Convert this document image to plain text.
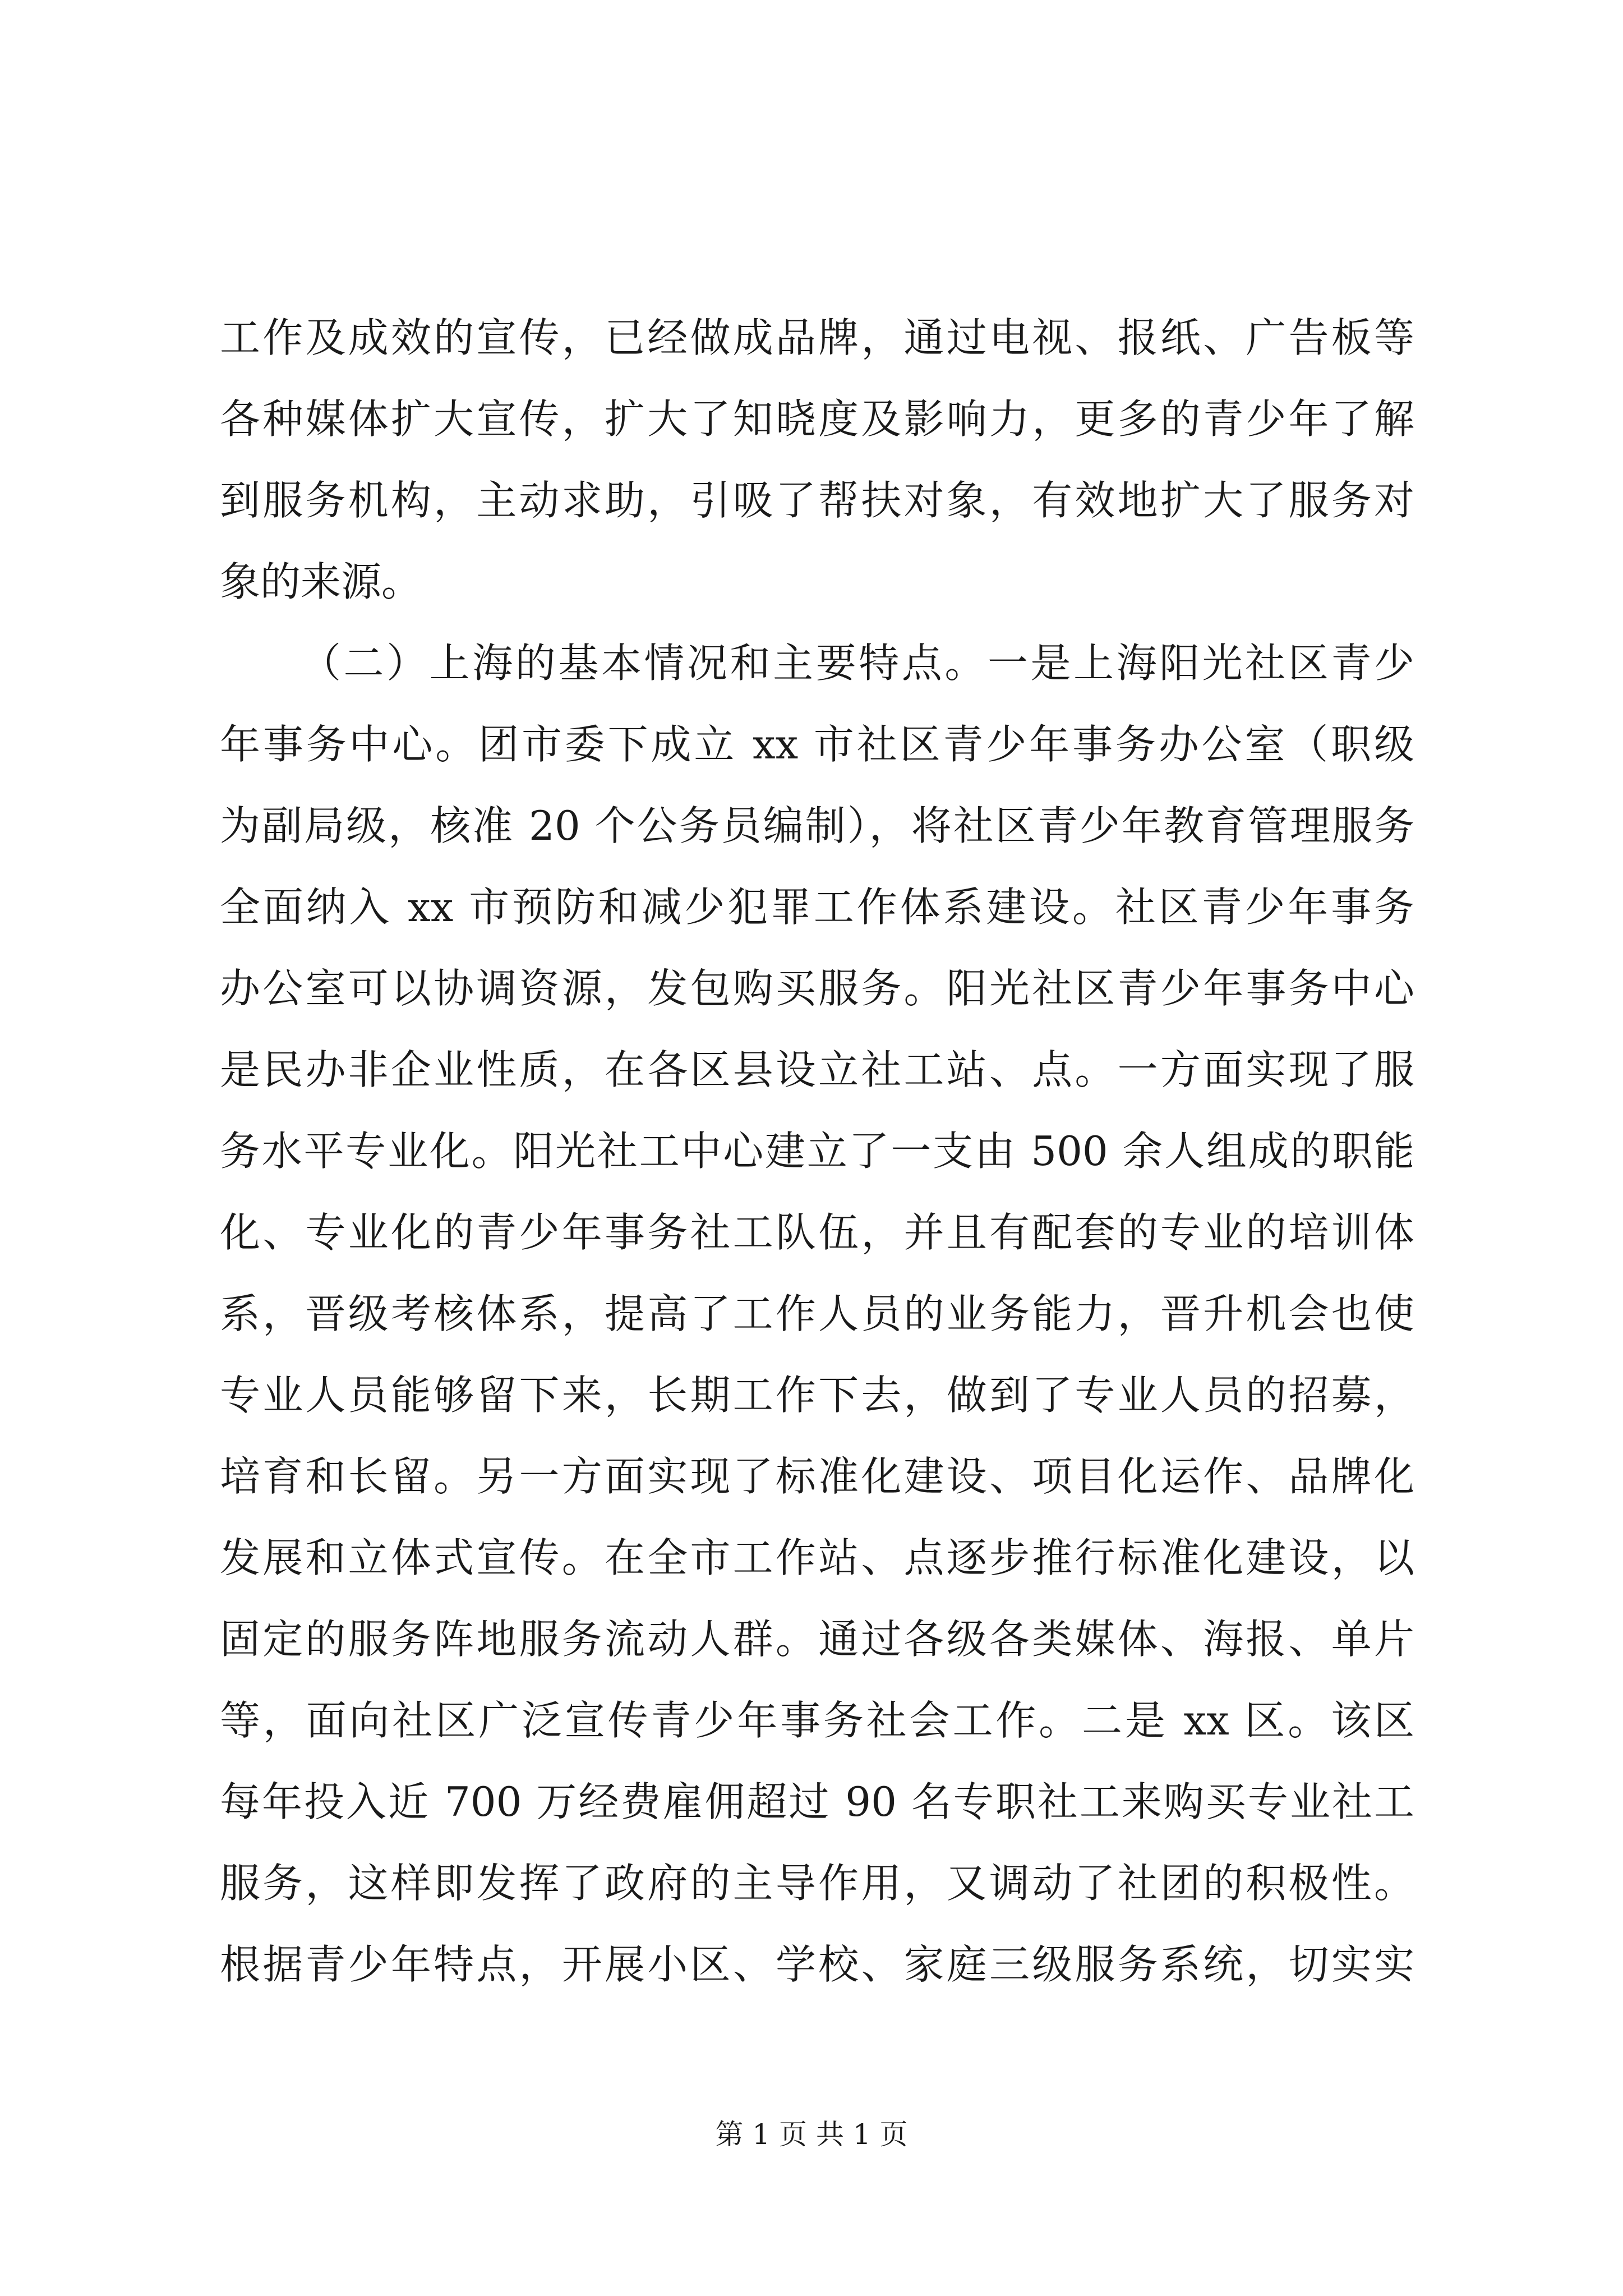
工作及成效的宣传，已经做成品牌，通过电视、报纸、广告板等
各种媒体扩大宣传，扩大了知晓度及影响力，更多的青少年了解
到服务机构，主动求助，引吸了帮扶对象，有效地扩大了服务对
象的来源。
（二）上海的基本情况和主要特点。一是上海阳光社区青少
年事务中心。团市委下成立 xx 市社区青少年事务办公室（职级
为副局级，核准 20 个公务员编制），将社区青少年教育管理服务
全面纳入 xx 市预防和减少犯罪工作体系建设。社区青少年事务
办公室可以协调资源，发包购买服务。阳光社区青少年事务中心
是民办非企业性质，在各区县设立社工站、点。一方面实现了服
务水平专业化。阳光社工中心建立了一支由 500 余人组成的职能
化、专业化的青少年事务社工队伍，并且有配套的专业的培训体
系，晋级考核体系，提高了工作人员的业务能力，晋升机会也使
专业人员能够留下来，长期工作下去，做到了专业人员的招募，
培育和长留。另一方面实现了标准化建设、项目化运作、品牌化
发展和立体式宣传。在全市工作站、点逐步推行标准化建设，以
固定的服务阵地服务流动人群。通过各级各类媒体、海报、单片
等，面向社区广泛宣传青少年事务社会工作。二是 xx 区。该区
每年投入近 700 万经费雇佣超过 90 名专职社工来购买专业社工
服务，这样即发挥了政府的主导作用，又调动了社团的积极性。
根据青少年特点，开展小区、学校、家庭三级服务系统，切实实
第 1 页 共 1 页
